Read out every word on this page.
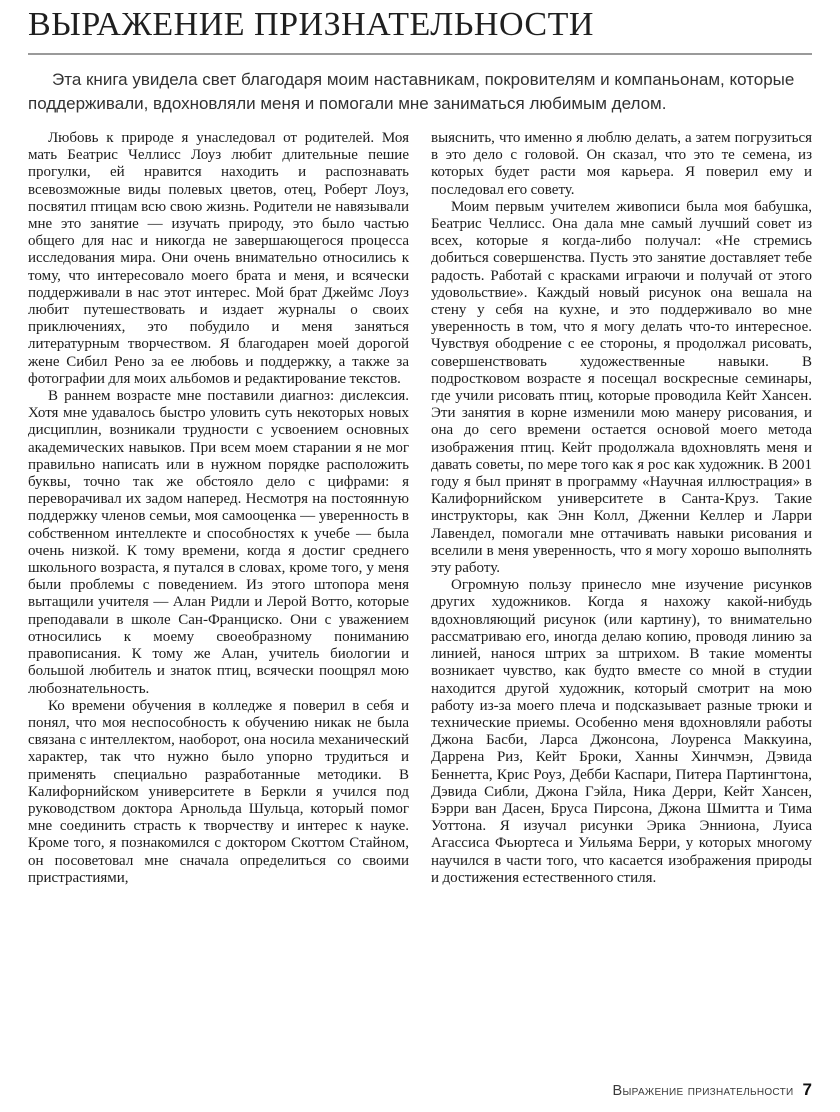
ВЫРАЖЕНИЕ ПРИЗНАТЕЛЬНОСТИ

Эта книга увидела свет благодаря моим наставникам, покровителям и компаньонам, которые поддерживали, вдохновляли меня и помогали мне заниматься любимым делом.

Любовь к природе я унаследовал от родителей. Моя мать Беатрис Челлисс Лоуз любит длительные пешие прогулки, ей нравится находить и распознавать всевозможные виды полевых цветов, отец, Роберт Лоуз, посвятил птицам всю свою жизнь. Родители не навязывали мне это занятие — изучать природу, это было частью общего для нас и никогда не завершающегося процесса исследования мира. Они очень внимательно относились к тому, что интересовало моего брата и меня, и всячески поддерживали в нас этот интерес. Мой брат Джеймс Лоуз любит путешествовать и издает журналы о своих приключениях, это побудило и меня заняться литературным творчеством. Я благодарен моей дорогой жене Сибил Рено за ее любовь и поддержку, а также за фотографии для моих альбомов и редактирование текстов.

В раннем возрасте мне поставили диагноз: дислексия. Хотя мне удавалось быстро уловить суть некоторых новых дисциплин, возникали трудности с усвоением основных академических навыков. При всем моем старании я не мог правильно написать или в нужном порядке расположить буквы, точно так же обстояло дело с цифрами: я переворачивал их задом наперед. Несмотря на постоянную поддержку членов семьи, моя самооценка — уверенность в собственном интеллекте и способностях к учебе — была очень низкой. К тому времени, когда я достиг среднего школьного возраста, я путался в словах, кроме того, у меня были проблемы с поведением. Из этого штопора меня вытащили учителя — Алан Ридли и Лерой Вотто, которые преподавали в школе Сан-Франциско. Они с уважением относились к моему своеобразному пониманию правописания. К тому же Алан, учитель биологии и большой любитель и знаток птиц, всячески поощрял мою любознательность.

Ко времени обучения в колледже я поверил в себя и понял, что моя неспособность к обучению никак не была связана с интеллектом, наоборот, она носила механический характер, так что нужно было упорно трудиться и применять специально разработанные методики. В Калифорнийском университете в Беркли я учился под руководством доктора Арнольда Шульца, который помог мне соединить страсть к творчеству и интерес к науке. Кроме того, я познакомился с доктором Скоттом Стайном, он посоветовал мне сначала определиться со своими пристрастиями,

выяснить, что именно я люблю делать, а затем погрузиться в это дело с головой. Он сказал, что это те семена, из которых будет расти моя карьера. Я поверил ему и последовал его совету.

Моим первым учителем живописи была моя бабушка, Беатрис Челлисс. Она дала мне самый лучший совет из всех, которые я когда-либо получал: «Не стремись добиться совершенства. Пусть это занятие доставляет тебе радость. Работай с красками играючи и получай от этого удовольствие». Каждый новый рисунок она вешала на стену у себя на кухне, и это поддерживало во мне уверенность в том, что я могу делать что-то интересное. Чувствуя ободрение с ее стороны, я продолжал рисовать, совершенствовать художественные навыки. В подростковом возрасте я посещал воскресные семинары, где учили рисовать птиц, которые проводила Кейт Хансен. Эти занятия в корне изменили мою манеру рисования, и она до сего времени остается основой моего метода изображения птиц. Кейт продолжала вдохновлять меня и давать советы, по мере того как я рос как художник. В 2001 году я был принят в программу «Научная иллюстрация» в Калифорнийском университете в Санта-Круз. Такие инструкторы, как Энн Колл, Дженни Келлер и Ларри Лавендел, помогали мне оттачивать навыки рисования и вселили в меня уверенность, что я могу хорошо выполнять эту работу.

Огромную пользу принесло мне изучение рисунков других художников. Когда я нахожу какой-нибудь вдохновляющий рисунок (или картину), то внимательно рассматриваю его, иногда делаю копию, проводя линию за линией, нанося штрих за штрихом. В такие моменты возникает чувство, как будто вместе со мной в студии находится другой художник, который смотрит на мою работу из-за моего плеча и подсказывает разные трюки и технические приемы. Особенно меня вдохновляли работы Джона Басби, Ларса Джонсона, Лоуренса Маккуина, Даррена Риз, Кейт Броки, Ханны Хинчмэн, Дэвида Беннетта, Крис Роуз, Дебби Каспари, Питера Партингтона, Дэвида Сибли, Джона Гэйла, Ника Дерри, Кейт Хансен, Бэрри ван Дасен, Бруса Пирсона, Джона Шмитта и Тима Уоттона. Я изучал рисунки Эрика Энниона, Луиса Агассиса Фьюртеса и Уильяма Берри, у которых многому научился в части того, что касается изображения природы и достижения естественного стиля.

Выражение признательности 7
